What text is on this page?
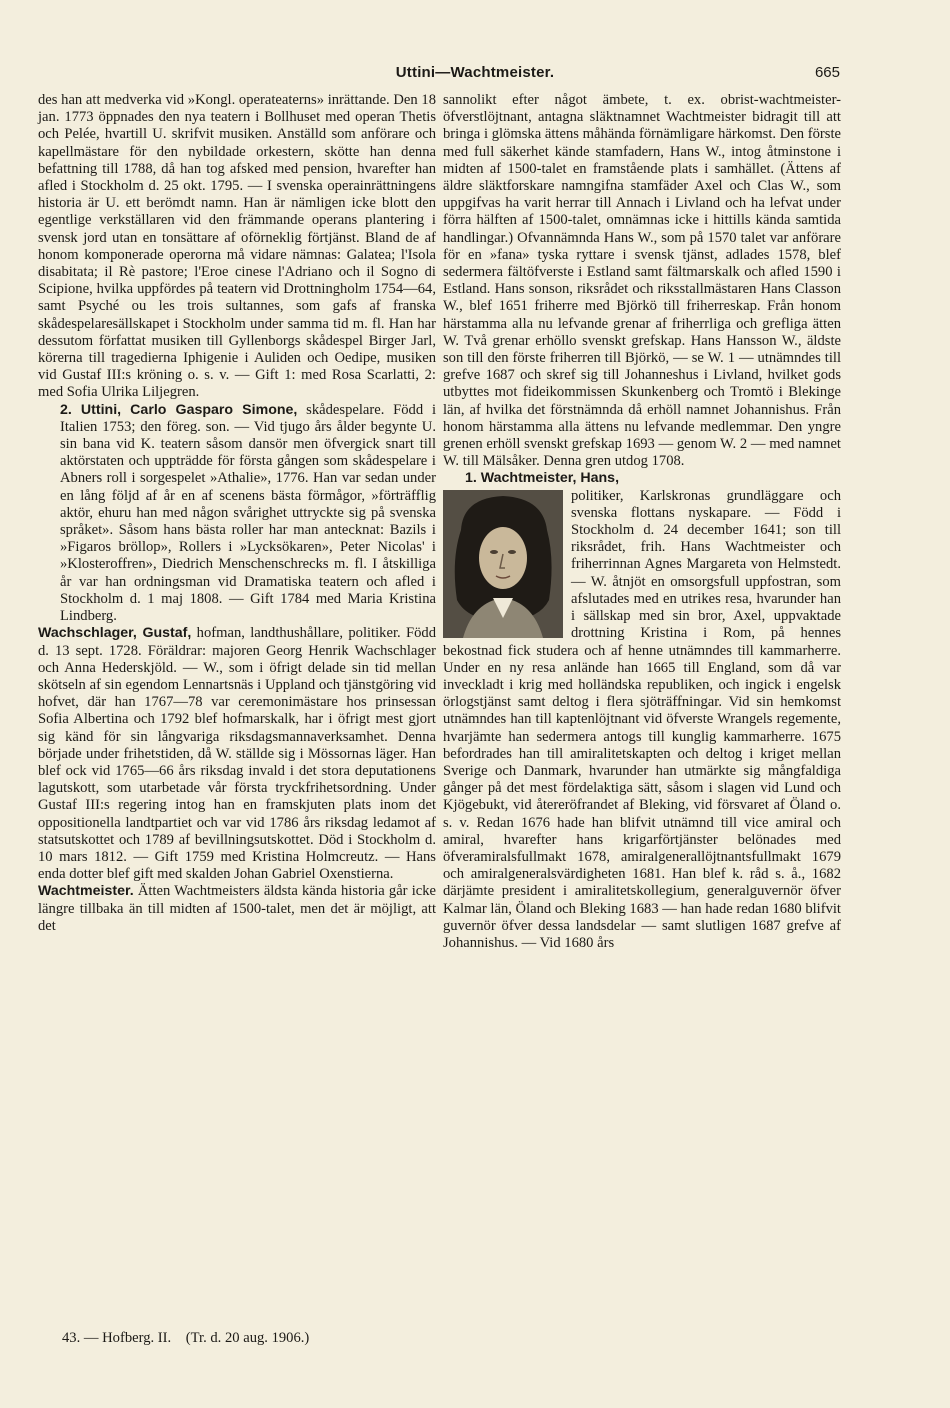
Uttini—Wachtmeister.	665

des han att medverka vid »Kongl. operateaterns» inrättande. Den 18 jan. 1773 öppnades den nya teatern i Bollhuset med operan Thetis och Pelée, hvartill U. skrifvit musiken. Anställd som anförare och kapellmästare för den nybildade orkestern, skötte han denna befattning till 1788, då han tog afsked med pension, hvarefter han afled i Stockholm d. 25 okt. 1795. — I svenska operainrättningens historia är U. ett berömdt namn. Han är nämligen icke blott den egentlige verkställaren vid den främmande operans plantering i svensk jord utan en tonsättare af oförneklig förtjänst. Bland de af honom komponerade operorna må vidare nämnas: Galatea; l'Isola disabitata; il Rè pastore; l'Eroe cinese l'Adriano och il Sogno di Scipione, hvilka uppfördes på teatern vid Drottningholm 1754—64, samt Psyché ou les trois sultannes, som gafs af franska skådespelaresällskapet i Stockholm under samma tid m. fl. Han har dessutom författat musiken till Gyllenborgs skådespel Birger Jarl, körerna till tragedierna Iphigenie i Auliden och Oedipe, musiken vid Gustaf III:s kröning o. s. v. — Gift 1: med Rosa Scarlatti, 2: med Sofia Ulrika Liljegren.

2. Uttini, Carlo Gasparo Simone, skådespelare. Född i Italien 1753; den föreg. son. — Vid tjugo års ålder begynte U. sin bana vid K. teatern såsom dansör men öfvergick snart till aktörstaten och uppträdde för första gången som skådespelare i Abners roll i sorgespelet »Athalie», 1776. Han var sedan under en lång följd af år en af scenens bästa förmågor, »förträfflig aktör, ehuru han med någon svårighet uttryckte sig på svenska språket». Såsom hans bästa roller har man antecknat: Bazils i »Figaros bröllop», Rollers i »Lycksökaren», Peter Nicolas' i »Klosteroffren», Diedrich Menschenschrecks m. fl. I åtskilliga år var han ordningsman vid Dramatiska teatern och afled i Stockholm d. 1 maj 1808. — Gift 1784 med Maria Kristina Lindberg.

Wachschlager, Gustaf, hofman, landthushållare, politiker. Född d. 13 sept. 1728. Föräldrar: majoren Georg Henrik Wachschlager och Anna Hederskjöld. — W., som i öfrigt delade sin tid mellan skötseln af sin egendom Lennartsnäs i Uppland och tjänstgöring vid hofvet, där han 1767—78 var ceremonimästare hos prinsessan Sofia Albertina och 1792 blef hofmarskalk, har i öfrigt mest gjort sig känd för sin långvariga riksdagsmannaverksamhet. Denna började under frihetstiden, då W. ställde sig i Mössornas läger. Han blef ock vid 1765—66 års riksdag invald i det stora deputationens lagutskott, som utarbetade vår första tryckfrihetsordning. Under Gustaf III:s regering intog han en framskjuten plats inom det oppositionella landtpartiet och var vid 1786 års riksdag ledamot af statsutskottet och 1789 af bevillningsutskottet. Död i Stockholm d. 10 mars 1812. — Gift 1759 med Kristina Holmcreutz. — Hans enda dotter blef gift med skalden Johan Gabriel Oxenstierna.

Wachtmeister. Ätten Wachtmeisters äldsta kända historia går icke längre tillbaka än till midten af 1500-talet, men det är möjligt, att det

sannolikt efter något ämbete, t. ex. obrist-wachtmeister-öfverstlöjtnant, antagna släktnamnet Wachtmeister bidragit till att bringa i glömska ättens måhända förnämligare härkomst. Den förste med full säkerhet kände stamfadern, Hans W., intog åtminstone i midten af 1500-talet en framstående plats i samhället. (Ättens af äldre släktforskare namngifna stamfäder Axel och Clas W., som uppgifvas ha varit herrar till Annach i Livland och ha lefvat under förra hälften af 1500-talet, omnämnas icke i hittills kända samtida handlingar.) Ofvannämnda Hans W., som på 1570 talet var anförare för en »fana» tyska ryttare i svensk tjänst, adlades 1578, blef sedermera fältöfverste i Estland samt fältmarskalk och afled 1590 i Estland. Hans sonson, riksrådet och riksstallmästaren Hans Classon W., blef 1651 friherre med Björkö till friherreskap. Från honom härstamma alla nu lefvande grenar af friherrliga och grefliga ätten W. Två grenar erhöllo svenskt grefskap. Hans Hansson W., äldste son till den förste friherren till Björkö, — se W. 1 — utnämndes till grefve 1687 och skref sig till Johanneshus i Livland, hvilket gods utbyttes mot fideikommissen Skunkenberg och Tromtö i Blekinge län, af hvilka det förstnämnda då erhöll namnet Johannishus. Från honom härstamma alla ättens nu lefvande medlemmar. Den yngre grenen erhöll svenskt grefskap 1693 — genom W. 2 — med namnet W. till Mälsåker. Denna gren utdog 1708.

1. Wachtmeister, Hans,

politiker, Karlskronas grundläggare och svenska flottans nyskapare. — Född i Stockholm d. 24 december 1641; son till riksrådet, frih. Hans Wachtmeister och friherrinnan Agnes Margareta von Helmstedt. — W. åtnjöt en omsorgsfull uppfostran, som afslutades med en utrikes resa, hvarunder han i sällskap med sin bror, Axel, uppvaktade drottning Kristina i Rom, på hennes bekostnad fick studera och af henne utnämndes till kammarherre. Under en ny resa anlände han 1665 till England, som då var inveckladt i krig med holländska republiken, och ingick i engelsk örlogstjänst samt deltog i flera sjöträffningar. Vid sin hemkomst utnämndes han till kaptenlöjtnant vid öfverste Wrangels regemente, hvarjämte han sedermera antogs till kunglig kammarherre. 1675 befordrades han till amiralitetskapten och deltog i kriget mellan Sverige och Danmark, hvarunder han utmärkte sig mångfaldiga gånger på det mest fördelaktiga sätt, såsom i slagen vid Lund och Kjögebukt, vid återeröfrandet af Bleking, vid försvaret af Öland o. s. v. Redan 1676 hade han blifvit utnämnd till vice amiral och amiral, hvarefter hans krigarförtjänster belönades med öfveramiralsfullmakt 1678, amiralgenerallöjtnantsfullmakt 1679 och amiralgeneralsvärdigheten 1681. Han blef k. råd s. å., 1682 därjämte president i amiralitetskollegium, generalguvernör öfver Kalmar län, Öland och Bleking 1683 — han hade redan 1680 blifvit guvernör öfver dessa landsdelar — samt slutligen 1687 grefve af Johannishus. — Vid 1680 års
43. — Hofberg. II. (Tr. d. 20 aug. 1906.)
